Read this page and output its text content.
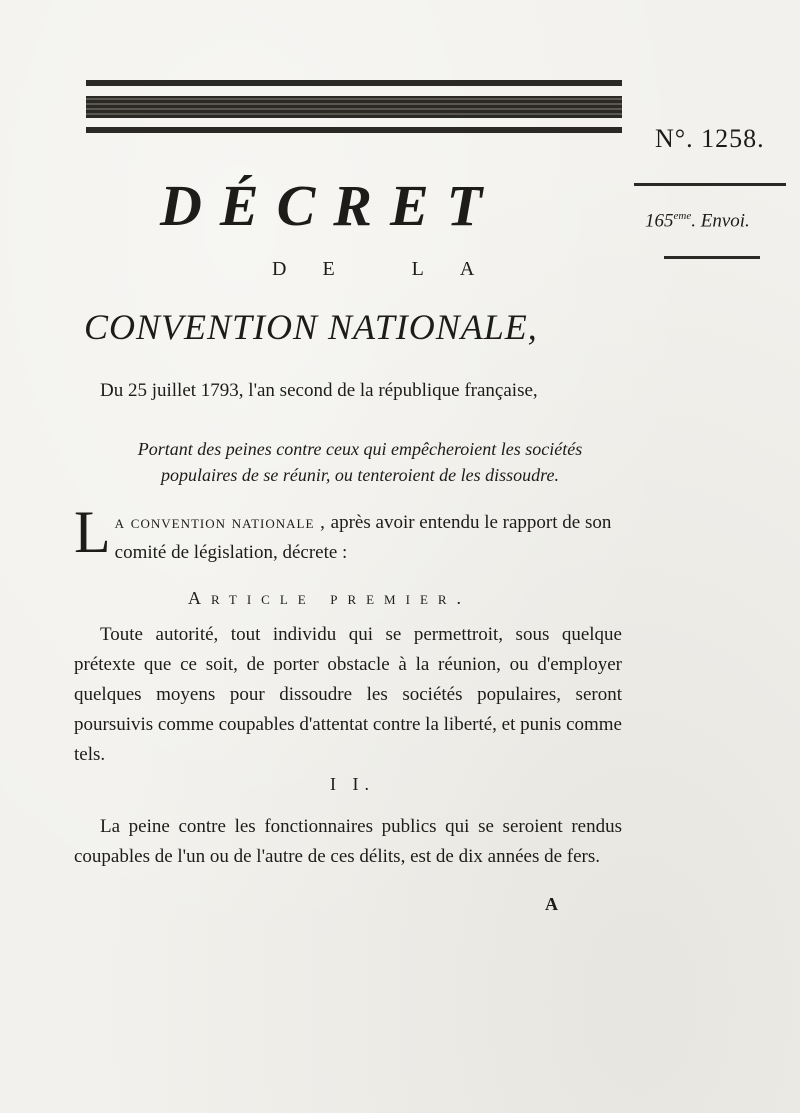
N°. 1258.
165eme. Envoi.
DÉCRET
DE LA
CONVENTION NATIONALE,
Du 25 juillet 1793, l'an second de la république française,
Portant des peines contre ceux qui empêcheroient les sociétés
populaires de se réunir, ou tenteroient de les dissoudre.
La convention nationale , après avoir entendu le rapport de son comité de législation, décrete :
Article premier.
Toute autorité, tout individu qui se permettroit, sous quelque prétexte que ce soit, de porter obstacle à la réunion, ou d'employer quelques moyens pour dissoudre les sociétés populaires, seront poursuivis comme coupables d'attentat contre la liberté, et punis comme tels.
I I.
La peine contre les fonctionnaires publics qui se seroient rendus coupables de l'un ou de l'autre de ces délits, est de dix années de fers.
A
